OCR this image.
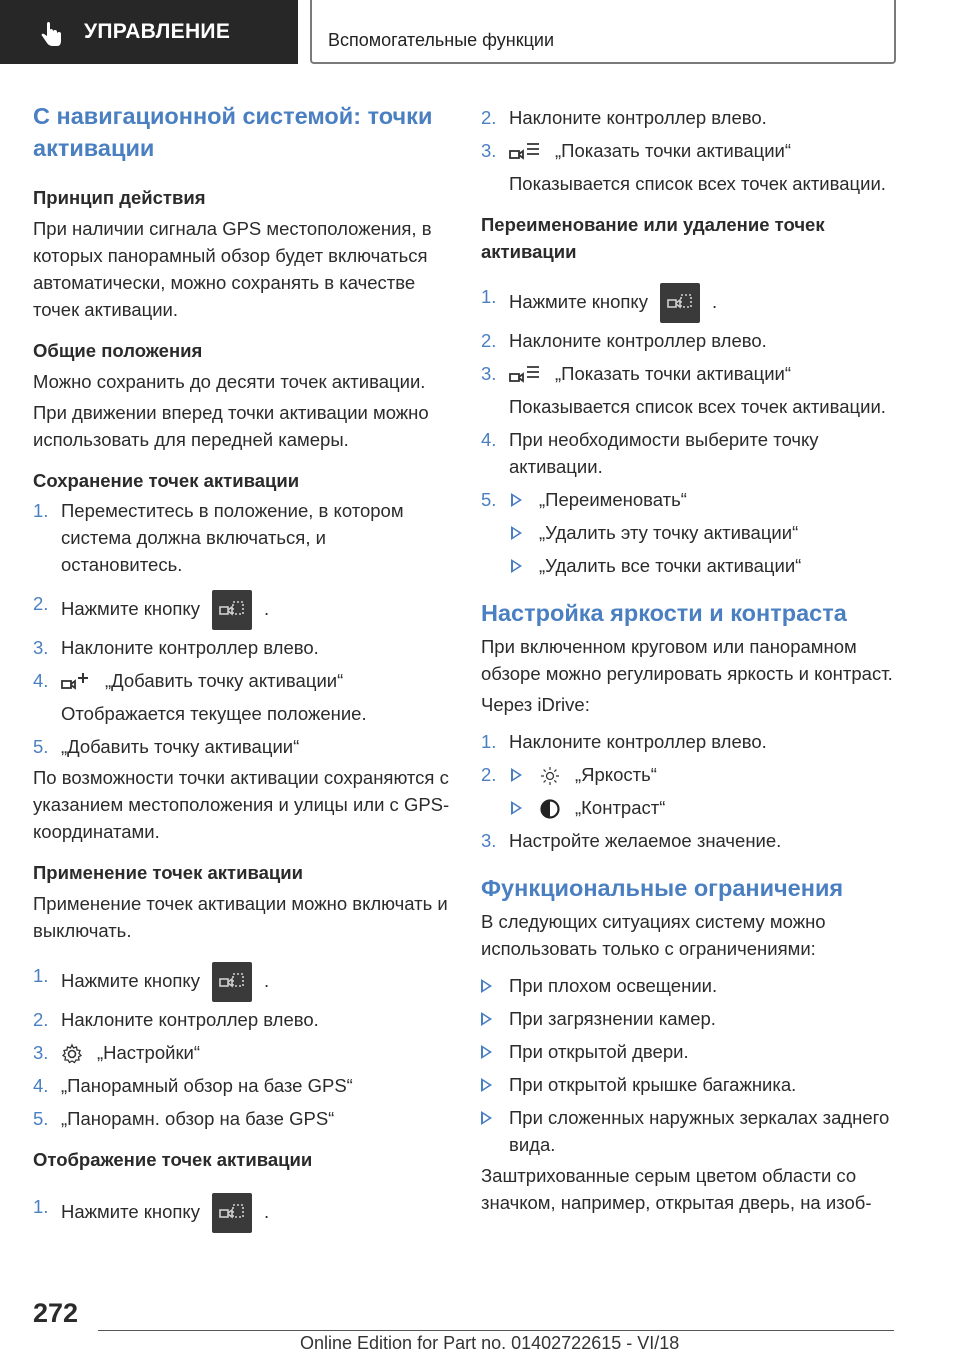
УПРАВЛЕНИЕ	Вспомогательные функции
С навигационной системой: точки активации
Принцип действия

При наличии сигнала GPS местоположения, в которых панорамный обзор будет включаться автоматически, можно сохранять в качестве точек активации.

Общие положения

Можно сохранить до десяти точек активации.

При движении вперед точки активации можно использовать для передней камеры.

Сохранение точек активации
1. Переместитесь в положение, в котором система должна включаться, и остановитесь.
2. Нажмите кнопку	.
3. Наклоните контроллер влево.
4.	„Добавить точку активации“
Отображается текущее положение.
5. „Добавить точку активации“

По возможности точки активации сохраняются с указанием местоположения и улицы или с GPS-координатами.

Применение точек активации

Применение точек активации можно включать и выключать.

1. Нажмите кнопку	.
2. Наклоните контроллер влево.
3.	„Настройки“
4. „Панорамный обзор на базе GPS“
5. „Панорамн. обзор на базе GPS“
Отображение точек активации
1. Нажмите кнопку	.
2. Наклоните контроллер влево.
3.	„Показать точки активации“
Показывается список всех точек активации.
Переименование или удаление точек активации
1. Нажмите кнопку	.
2. Наклоните контроллер влево.
3.	„Показать точки активации“
Показывается список всех точек активации.
4. При необходимости выберите точку активации.
5. „Переименовать“
„Удалить эту точку активации“
„Удалить все точки активации“
Настройка яркости и контраста

При включенном круговом или панорамном обзоре можно регулировать яркость и контраст.

Через iDrive:

1. Наклоните контроллер влево.
2.	„Яркость“
„Контраст“
3. Настройте желаемое значение.
Функциональные ограничения

В следующих ситуациях систему можно использовать только с ограничениями:

При плохом освещении.
При загрязнении камер.
При открытой двери.
При открытой крышке багажника.
При сложенных наружных зеркалах заднего вида.

Заштрихованные серым цветом области со значком, например, открытая дверь, на изоб-

272
Online Edition for Part no. 01402722615 - VI/18
